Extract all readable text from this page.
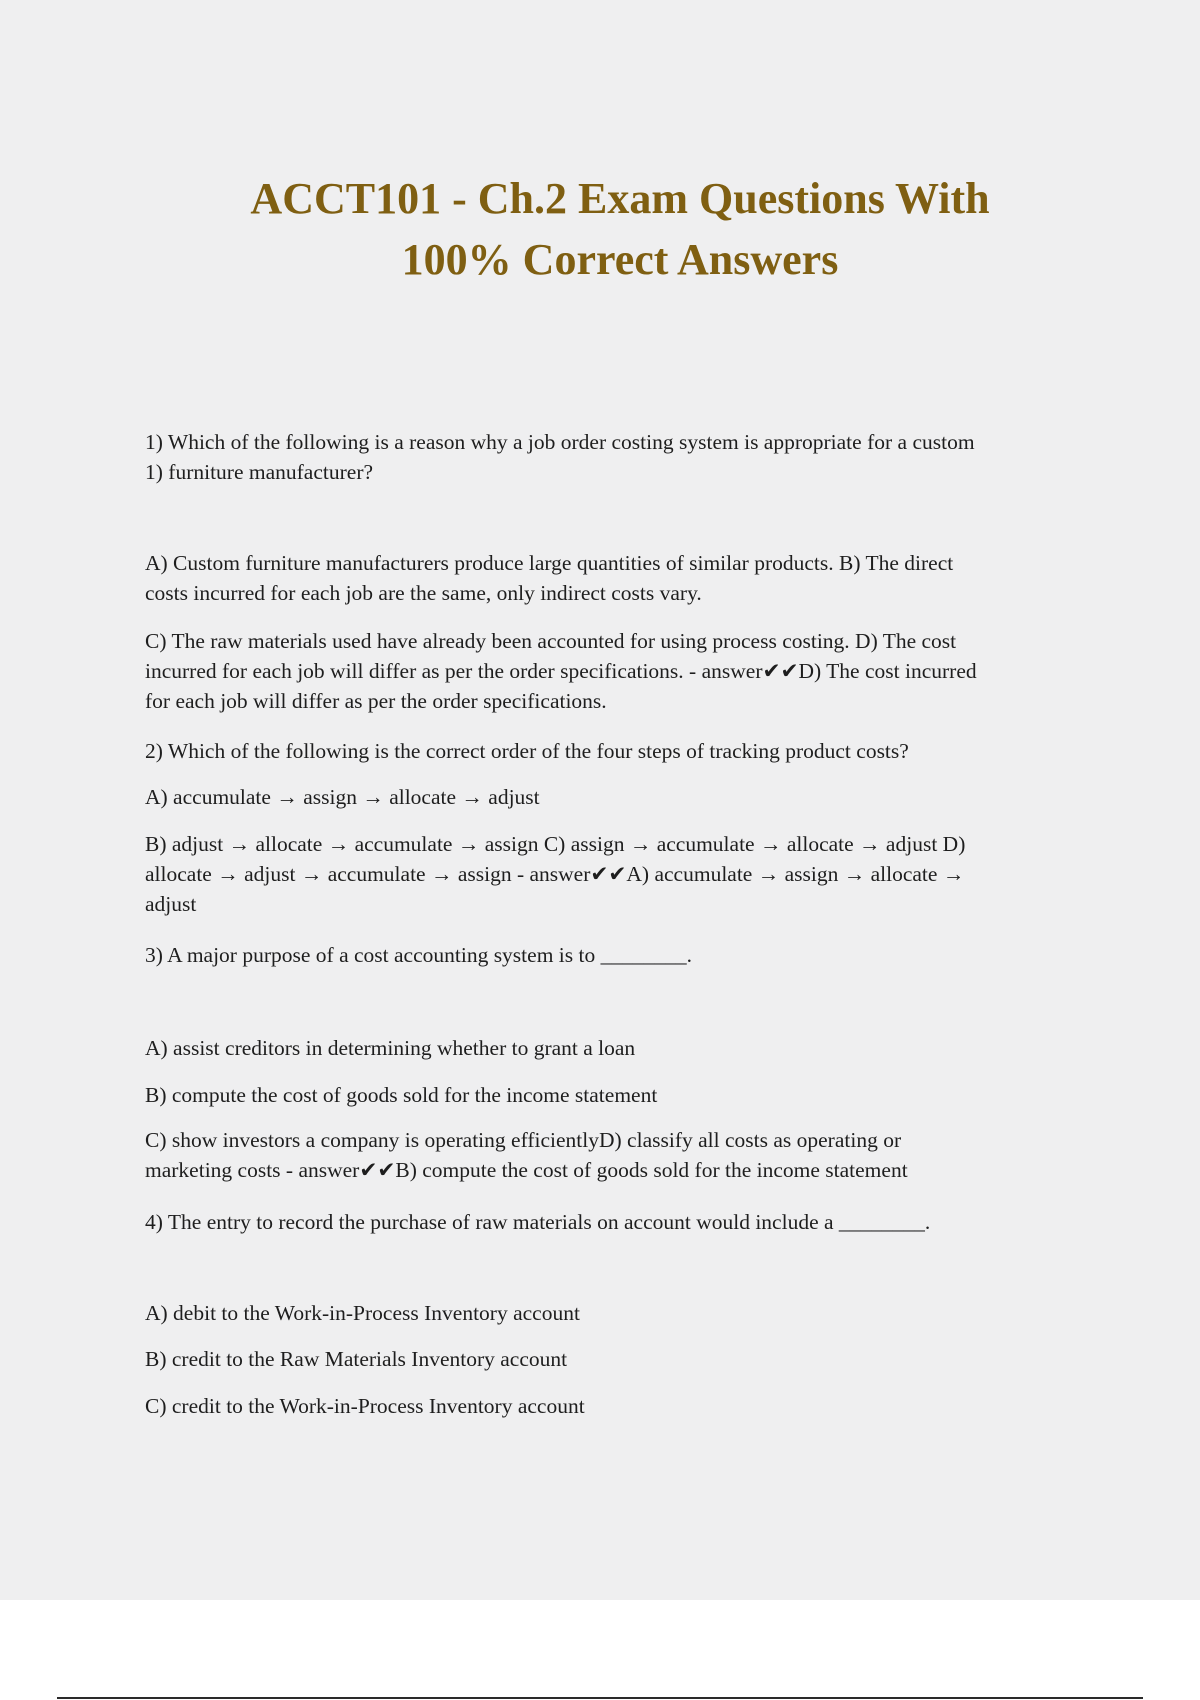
ACCT101 - Ch.2 Exam Questions With
100% Correct Answers

1) Which of the following is a reason why a job order costing system is appropriate for a custom
1) furniture manufacturer?

A) Custom furniture manufacturers produce large quantities of similar products. B) The direct
costs incurred for each job are the same, only indirect costs vary.

C) The raw materials used have already been accounted for using process costing. D) The cost
incurred for each job will differ as per the order specifications. - answer✔✔D) The cost incurred
for each job will differ as per the order specifications.

2) Which of the following is the correct order of the four steps of tracking product costs?

A) accumulate → assign → allocate → adjust

B) adjust → allocate → accumulate → assign C) assign → accumulate → allocate → adjust D)
allocate → adjust → accumulate → assign - answer✔✔A) accumulate → assign → allocate →
adjust

3) A major purpose of a cost accounting system is to ________.

A) assist creditors in determining whether to grant a loan

B) compute the cost of goods sold for the income statement

C) show investors a company is operating efficientlyD) classify all costs as operating or
marketing costs - answer✔✔B) compute the cost of goods sold for the income statement

4) The entry to record the purchase of raw materials on account would include a ________.

A) debit to the Work-in-Process Inventory account

B) credit to the Raw Materials Inventory account

C) credit to the Work-in-Process Inventory account
